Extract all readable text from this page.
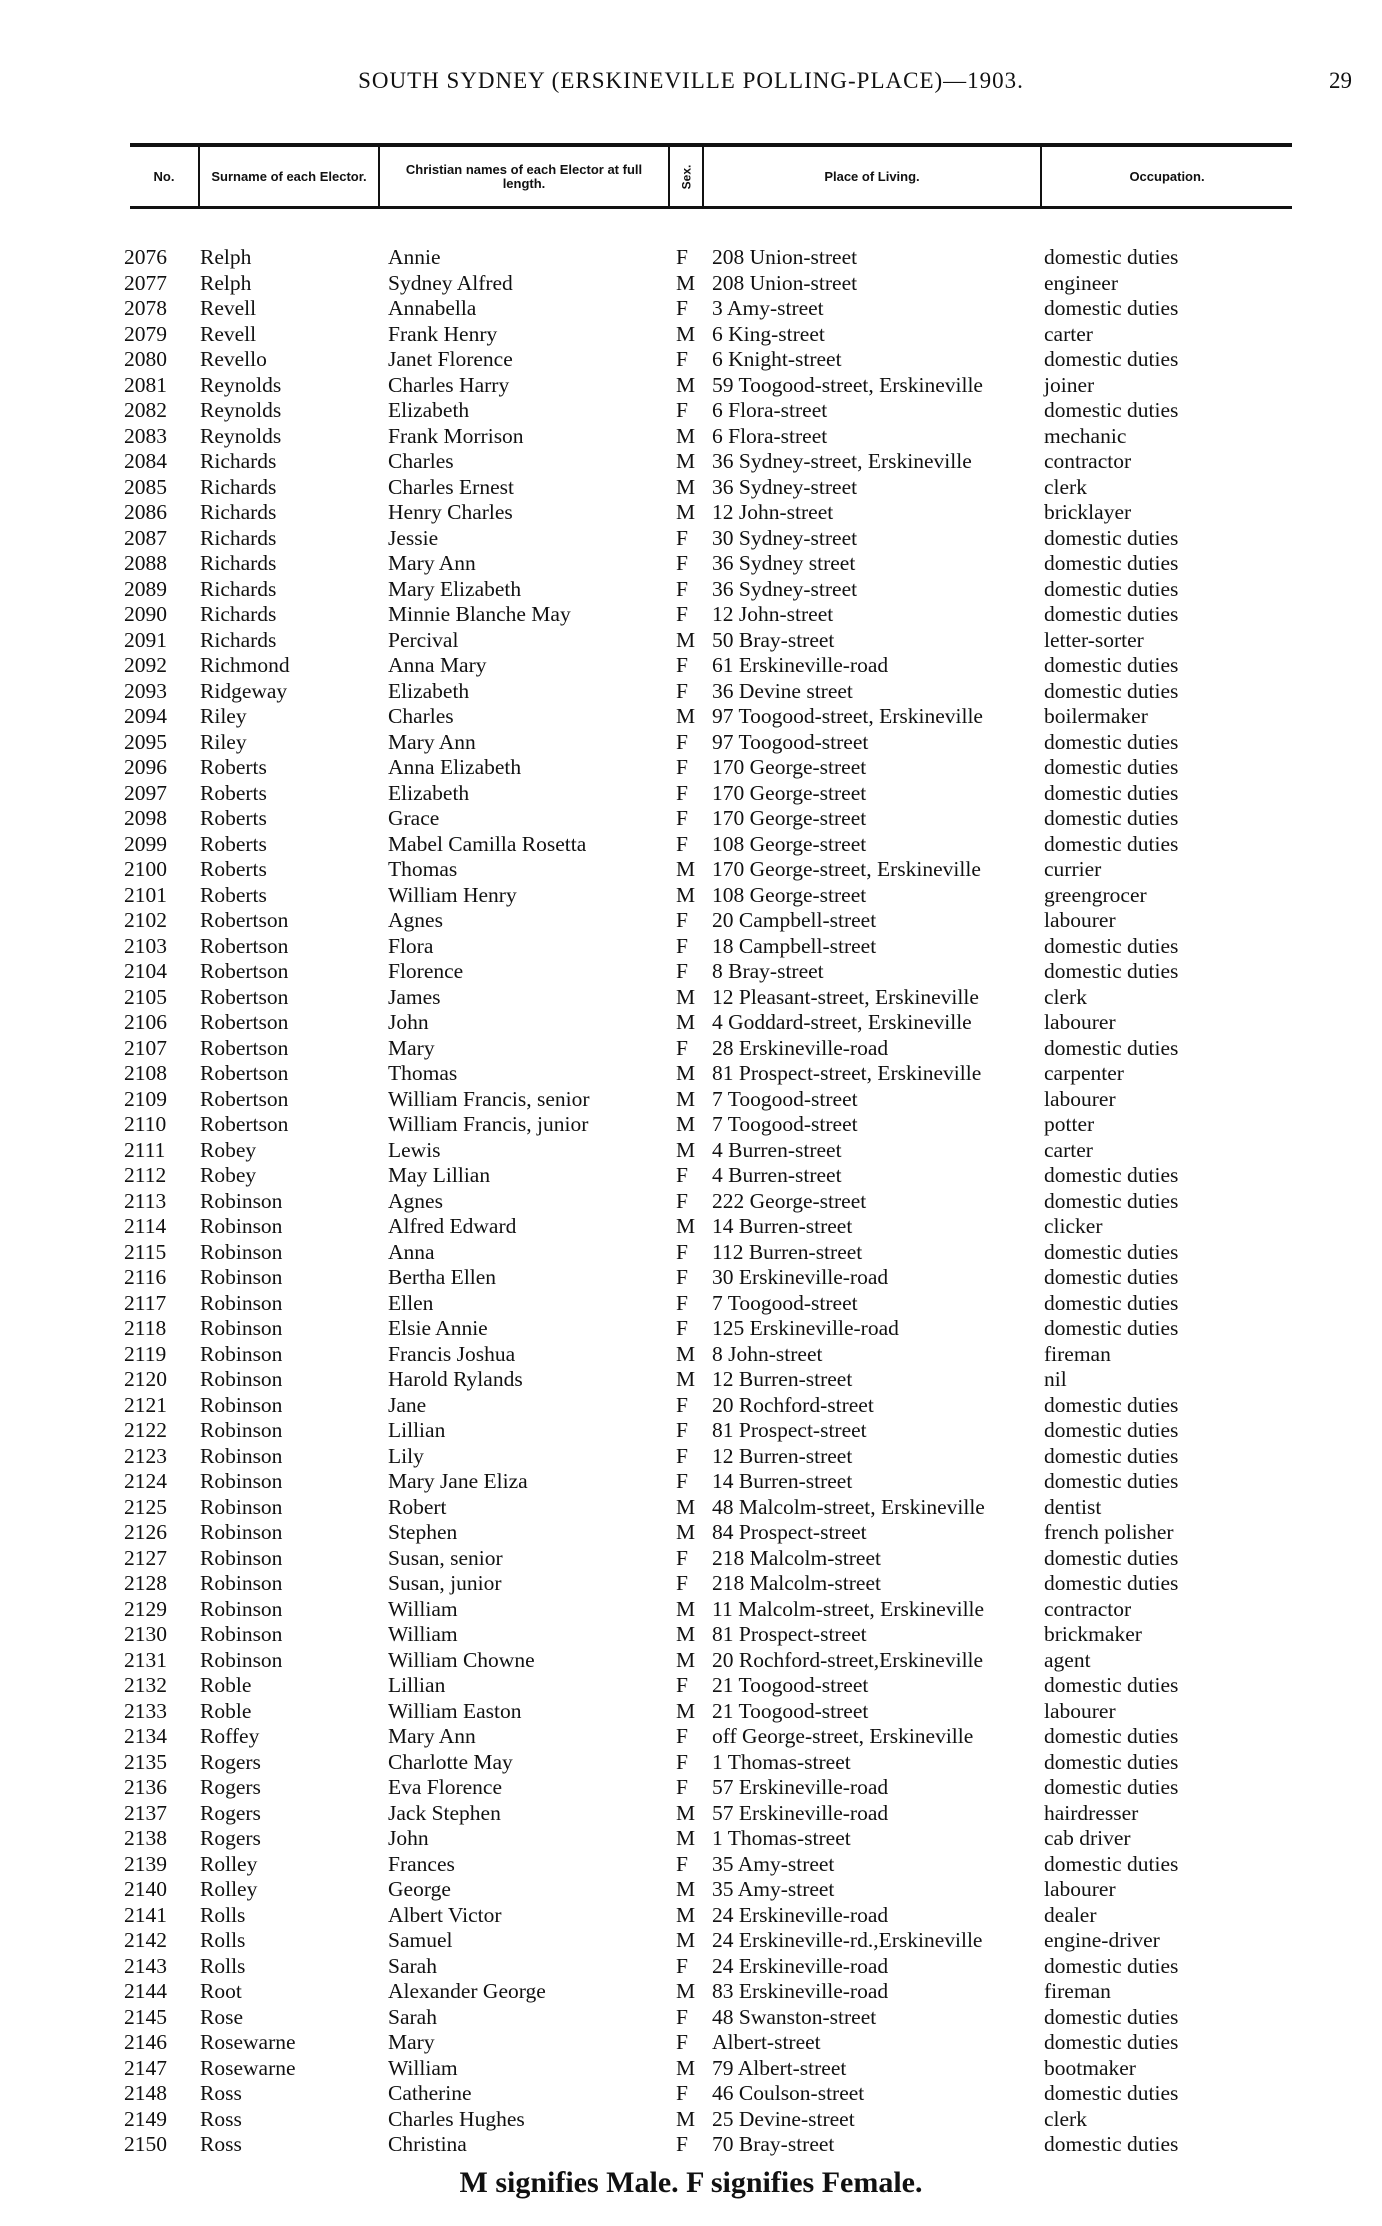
SOUTH SYDNEY (ERSKINEVILLE POLLING-PLACE)—1903.	29
No.	Surname of each Elector.	Christian names of each Elector at full length.	Sex.	Place of Living.	Occupation.
2076	Relph	Annie	F	208 Union-street	domestic duties
2077	Relph	Sydney Alfred	M 208 Union-street	engineer
2078	Revell	Annabella	F	3 Amy-street	domestic duties
2079	Revell	Frank Henry	M 6 King-street	carter
2080	Revello	Janet Florence	F	6 Knight-street	domestic duties
2081	Reynolds	Charles Harry	M 59 Toogood-street, Erskineville	joiner
2082	Reynolds	Elizabeth	F	6 Flora-street	domestic duties
2083	Reynolds	Frank Morrison	M 6 Flora-street	mechanic
2084	Richards	Charles	M 36 Sydney-street, Erskineville	contractor
2085	Richards	Charles Ernest	M 36 Sydney-street	clerk
2086	Richards	Henry Charles	M 12 John-street	bricklayer
2087	Richards	Jessie	F	30 Sydney-street	domestic duties
2088	Richards	Mary Ann	F	36 Sydney street	domestic duties
2089	Richards	Mary Elizabeth	F	36 Sydney-street	domestic duties
2090	Richards	Minnie Blanche May	F	12 John-street	domestic duties
2091	Richards	Percival	M 50 Bray-street	letter-sorter
2092	Richmond	Anna Mary	F	61 Erskineville-road	domestic duties
2093	Ridgeway	Elizabeth	F	36 Devine street	domestic duties
2094	Riley	Charles	M 97 Toogood-street, Erskineville	boilermaker
2095	Riley	Mary Ann	F	97 Toogood-street	domestic duties
2096	Roberts	Anna Elizabeth	F	170 George-street	domestic duties
2097	Roberts	Elizabeth	F	170 George-street	domestic duties
2098	Roberts	Grace	F	170 George-street	domestic duties
2099	Roberts	Mabel Camilla Rosetta	F	108 George-street	domestic duties
2100	Roberts	Thomas	M 170 George-street, Erskineville	currier
2101	Roberts	William Henry	M 108 George-street	greengrocer
2102	Robertson	Agnes	F	20 Campbell-street	labourer
2103	Robertson	Flora	F	18 Campbell-street	domestic duties
2104	Robertson	Florence	F	8 Bray-street	domestic duties
2105	Robertson	James	M 12 Pleasant-street, Erskineville	clerk
2106	Robertson	John	M 4 Goddard-street, Erskineville	labourer
2107	Robertson	Mary	F	28 Erskineville-road	domestic duties
2108	Robertson	Thomas	M 81 Prospect-street, Erskineville	carpenter
2109	Robertson	William Francis, senior	M 7 Toogood-street	labourer
2110	Robertson	William Francis, junior	M 7 Toogood-street	potter
2111	Robey	Lewis	M 4 Burren-street	carter
2112	Robey	May Lillian	F	4 Burren-street	domestic duties
2113	Robinson	Agnes	F	222 George-street	domestic duties
2114	Robinson	Alfred Edward	M 14 Burren-street	clicker
2115	Robinson	Anna	F	112 Burren-street	domestic duties
2116	Robinson	Bertha Ellen	F	30 Erskineville-road	domestic duties
2117	Robinson	Ellen	F	7 Toogood-street	domestic duties
2118	Robinson	Elsie Annie	F	125 Erskineville-road	domestic duties
2119	Robinson	Francis Joshua	M 8 John-street	fireman
2120	Robinson	Harold Rylands	M 12 Burren-street	nil
2121	Robinson	Jane	F	20 Rochford-street	domestic duties
2122	Robinson	Lillian	F	81 Prospect-street	domestic duties
2123	Robinson	Lily	F	12 Burren-street	domestic duties
2124	Robinson	Mary Jane Eliza	F	14 Burren-street	domestic duties
2125	Robinson	Robert	M 48 Malcolm-street, Erskineville	dentist
2126	Robinson	Stephen	M 84 Prospect-street	french polisher
2127	Robinson	Susan, senior	F	218 Malcolm-street	domestic duties
2128	Robinson	Susan, junior	F	218 Malcolm-street	domestic duties
2129	Robinson	William	M 11 Malcolm-street, Erskineville	contractor
2130	Robinson	William	M 81 Prospect-street	brickmaker
2131	Robinson	William Chowne	M 20 Rochford-street,Erskineville	agent
2132	Roble	Lillian	F	21 Toogood-street	domestic duties
2133	Roble	William Easton	M 21 Toogood-street	labourer
2134	Roffey	Mary Ann	F	off George-street, Erskineville	domestic duties
2135	Rogers	Charlotte May	F	1 Thomas-street	domestic duties
2136	Rogers	Eva Florence	F	57 Erskineville-road	domestic duties
2137	Rogers	Jack Stephen	M 57 Erskineville-road	hairdresser
2138	Rogers	John	M 1 Thomas-street	cab driver
2139	Rolley	Frances	F	35 Amy-street	domestic duties
2140	Rolley	George	M 35 Amy-street	labourer
2141	Rolls	Albert Victor	M 24 Erskineville-road	dealer
2142	Rolls	Samuel	M 24 Erskineville-rd.,Erskineville	engine-driver
2143	Rolls	Sarah	F	24 Erskineville-road	domestic duties
2144	Root	Alexander George	M 83 Erskineville-road	fireman
2145	Rose	Sarah	F	48 Swanston-street	domestic duties
2146	Rosewarne	Mary	F	Albert-street	domestic duties
2147	Rosewarne	William	M 79 Albert-street	bootmaker
2148	Ross	Catherine	F	46 Coulson-street	domestic duties
2149	Ross	Charles Hughes	M 25 Devine-street	clerk
2150	Ross	Christina	F	70 Bray-street	domestic duties
M signifies Male. F signifies Female.
